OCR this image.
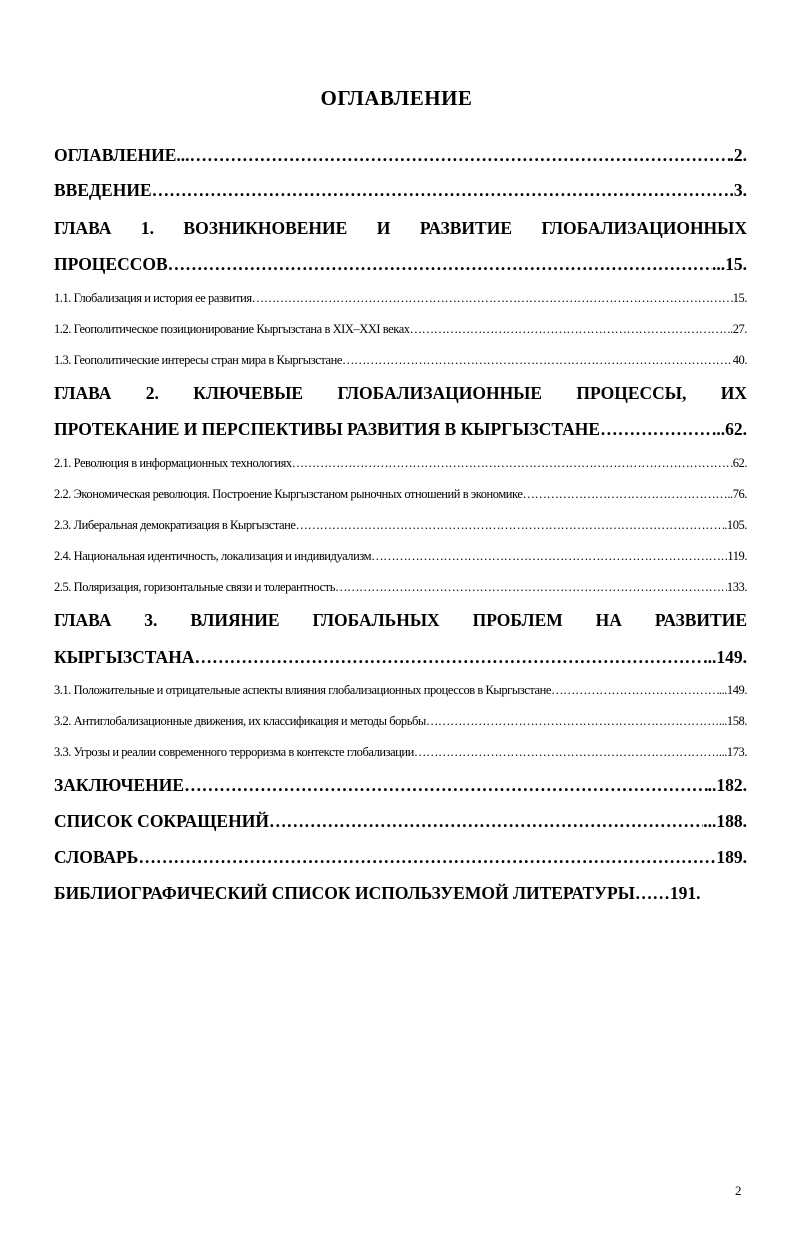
ОГЛАВЛЕНИЕ
ОГЛАВЛЕНИЕ... ………………………………………………………………………………………………………………………………………………………………………………………………………………………………	.2.
ВВЕДЕНИЕ ………………………………………………………………………………………………………………………………………………………………………………………………………………………………	.3.
ГЛАВА 1. ВОЗНИКНОВЕНИЕ И РАЗВИТИЕ ГЛОБАЛИЗАЦИОННЫХ
ПРОЦЕССОВ ………………………………………………………………………………………………………………………………………………………………………………………………………………………………	...15.
1.1. Глобализация и история ее развития ………………………………………………………………………………………………………………………………………………………………………………………………………………………………	15.
1.2. Геополитическое позиционирование Кыргызстана в XIX–XXI веках ………………………………………………………………………………………………………………………………………………………………………………………………………………………………	..27.
1.3. Геополитические интересы стран мира в Кыргызстане ………………………………………………………………………………………………………………………………………………………………………………………………………………………………	40.
ГЛАВА 2. КЛЮЧЕВЫЕ ГЛОБАЛИЗАЦИОННЫЕ ПРОЦЕССЫ, ИХ
ПРОТЕКАНИЕ И ПЕРСПЕКТИВЫ РАЗВИТИЯ В КЫРГЫЗСТАНЕ ………………………………………………………………………………………………………………………………………………………………………………………………………………………………	...62.
2.1. Революция в информационных технологиях ………………………………………………………………………………………………………………………………………………………………………………………………………………………………	62.
2.2. Экономическая революция. Построение Кыргызстаном рыночных отношений в экономике ………………………………………………………………………………………………………………………………………………………………………………………………………………………………	..76.
2.3. Либеральная демократизация в Кыргызстане ………………………………………………………………………………………………………………………………………………………………………………………………………………………………	.105.
2.4. Национальная идентичность, локализация и индивидуализм ………………………………………………………………………………………………………………………………………………………………………………………………………………………………	.119.
2.5. Поляризация, горизонтальные связи и толерантность ………………………………………………………………………………………………………………………………………………………………………………………………………………………………	133.
ГЛАВА 3. ВЛИЯНИЕ ГЛОБАЛЬНЫХ ПРОБЛЕМ НА РАЗВИТИЕ
КЫРГЫЗСТАНА ………………………………………………………………………………………………………………………………………………………………………………………………………………………………	...149.
3.1. Положительные и отрицательные аспекты влияния глобализационных процессов в Кыргызстане ………………………………………………………………………………………………………………………………………………………………………………………………………………………………	...149.
3.2. Антиглобализационные движения, их классификация и методы борьбы ………………………………………………………………………………………………………………………………………………………………………………………………………………………………	...158.
3.3. Угрозы и реалии современного терроризма в контексте глобализации ………………………………………………………………………………………………………………………………………………………………………………………………………………………………	...173.
ЗАКЛЮЧЕНИЕ ………………………………………………………………………………………………………………………………………………………………………………………………………………………………	..182.
СПИСОК СОКРАЩЕНИЙ ………………………………………………………………………………………………………………………………………………………………………………………………………………………………	...188.
СЛОВАРЬ ………………………………………………………………………………………………………………………………………………………………………………………………………………………………	189.
БИБЛИОГРАФИЧЕСКИЙ СПИСОК ИСПОЛЬЗУЕМОЙ ЛИТЕРАТУРЫ ……191.
2
